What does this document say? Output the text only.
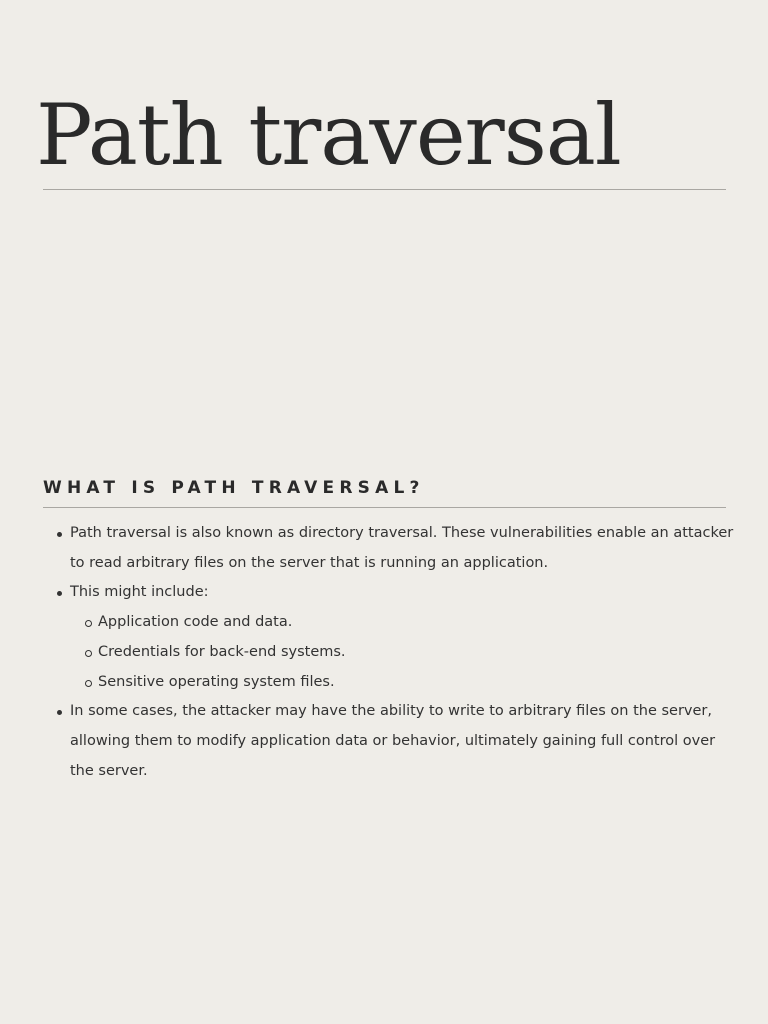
Path traversal
WHAT IS PATH TRAVERSAL?
Path traversal is also known as directory traversal. These vulnerabilities enable an attacker to read arbitrary files on the server that is running an application.
This might include:
Application code and data.
Credentials for back-end systems.
Sensitive operating system files.
In some cases, the attacker may have the ability to write to arbitrary files on the server, allowing them to modify application data or behavior, ultimately gaining full control over the server.
